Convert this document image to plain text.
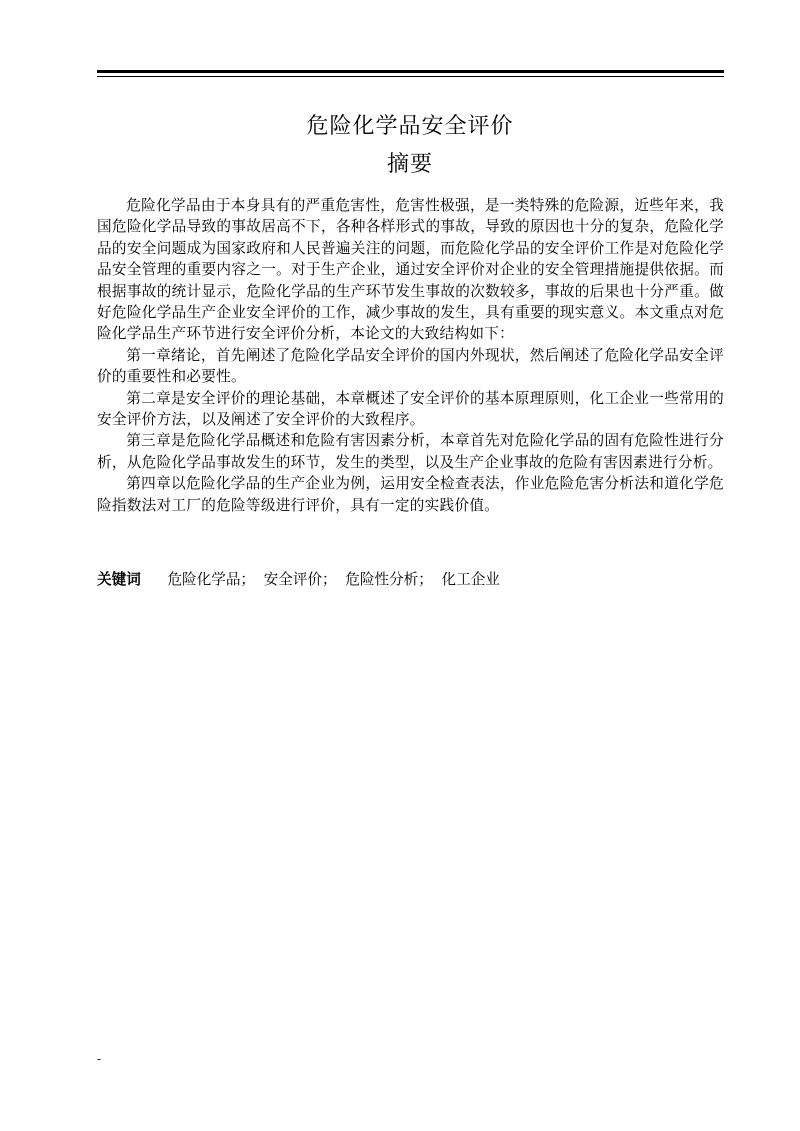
危险化学品安全评价
摘要

危险化学品由于本身具有的严重危害性，危害性极强，是一类特殊的危险源，近些年来，我国危险化学品导致的事故居高不下，各种各样形式的事故，导致的原因也十分的复杂，危险化学品的安全问题成为国家政府和人民普遍关注的问题，而危险化学品的安全评价工作是对危险化学品安全管理的重要内容之一。对于生产企业，通过安全评价对企业的安全管理措施提供依据。而根据事故的统计显示，危险化学品的生产环节发生事故的次数较多，事故的后果也十分严重。做好危险化学品生产企业安全评价的工作，减少事故的发生，具有重要的现实意义。本文重点对危险化学品生产环节进行安全评价分析，本论文的大致结构如下：

第一章绪论，首先阐述了危险化学品安全评价的国内外现状，然后阐述了危险化学品安全评价的重要性和必要性。

第二章是安全评价的理论基础，本章概述了安全评价的基本原理原则，化工企业一些常用的安全评价方法，以及阐述了安全评价的大致程序。

第三章是危险化学品概述和危险有害因素分析，本章首先对危险化学品的固有危险性进行分析，从危险化学品事故发生的环节，发生的类型，以及生产企业事故的危险有害因素进行分析。

第四章以危险化学品的生产企业为例，运用安全检查表法，作业危险危害分析法和道化学危险指数法对工厂的危险等级进行评价，具有一定的实践价值。

关键词 危险化学品； 安全评价； 危险性分析； 化工企业
-
